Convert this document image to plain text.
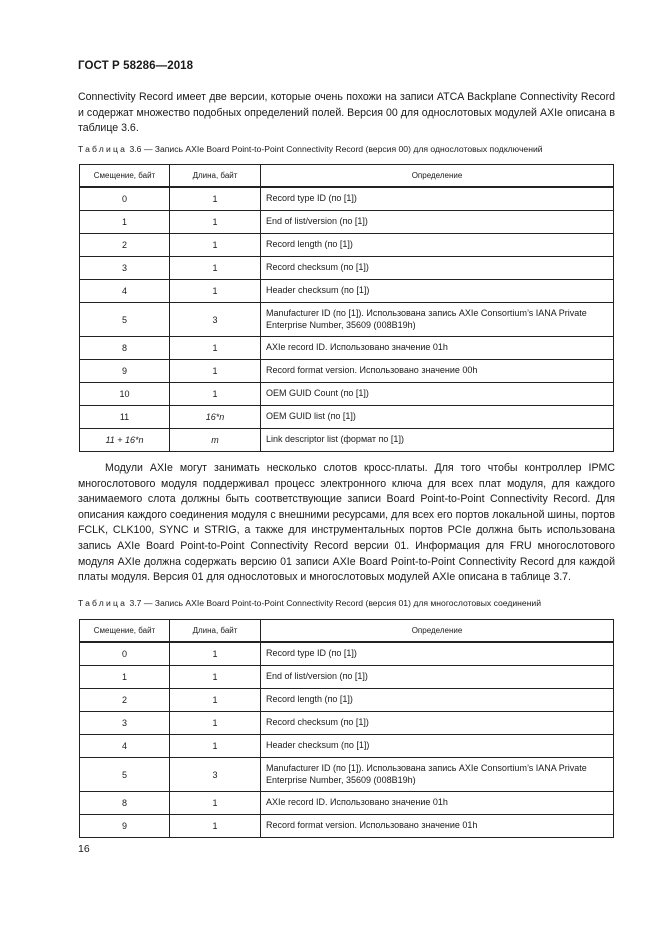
ГОСТ Р 58286—2018

Connectivity Record имеет две версии, которые очень похожи на записи ATCA Backplane Connectivity Record и содержат множество подобных определений полей. Версия 00 для однослотовых модулей AXIe описана в таблице 3.6.

Таблица 3.6 — Запись AXIe Board Point-to-Point Connectivity Record (версия 00) для однослотовых подключений
Смещение, байт	Длина, байт	Определение
0	1	Record type ID (по [1])
1	1	End of list/version (по [1])
2	1	Record length (по [1])
3	1	Record checksum (по [1])
4	1	Header checksum (по [1])
5	3	Manufacturer ID (по [1]). Использована запись AXIe Consortium’s IANA Private Enterprise Number, 35609 (008B19h)
8	1	AXIe record ID. Использовано значение 01h
9	1	Record format version. Использовано значение 00h
10	1	OEM GUID Count (по [1])
11	16*n	OEM GUID list (по [1])
11 + 16*n	m	Link descriptor list (формат по [1])

Модули AXIe могут занимать несколько слотов кросс-платы. Для того чтобы контроллер IPMC многослотового модуля поддерживал процесс электронного ключа для всех плат модуля, для каждого занимаемого слота должны быть соответствующие записи Board Point-to-Point Connectivity Record. Для описания каждого соединения модуля с внешними ресурсами, для всех его портов локальной шины, портов FCLK, CLK100, SYNC и STRIG, а также для инструментальных портов PCIe должна быть использована запись AXIe Board Point-to-Point Connectivity Record версии 01. Информация для FRU многослотового модуля AXIe должна содержать версию 01 записи AXIe Board Point-to-Point Connectivity Record для каждой платы модуля. Версия 01 для однослотовых и многослотовых модулей AXIe описана в таблице 3.7.

Таблица 3.7 — Запись AXIe Board Point-to-Point Connectivity Record (версия 01) для многослотовых соединений
Смещение, байт	Длина, байт	Определение
0	1	Record type ID (по [1])
1	1	End of list/version (по [1])
2	1	Record length (по [1])
3	1	Record checksum (по [1])
4	1	Header checksum (по [1])
5	3	Manufacturer ID (по [1]). Использована запись AXIe Consortium’s IANA Private Enterprise Number, 35609 (008B19h)
8	1	AXIe record ID. Использовано значение 01h
9	1	Record format version. Использовано значение 01h
16
